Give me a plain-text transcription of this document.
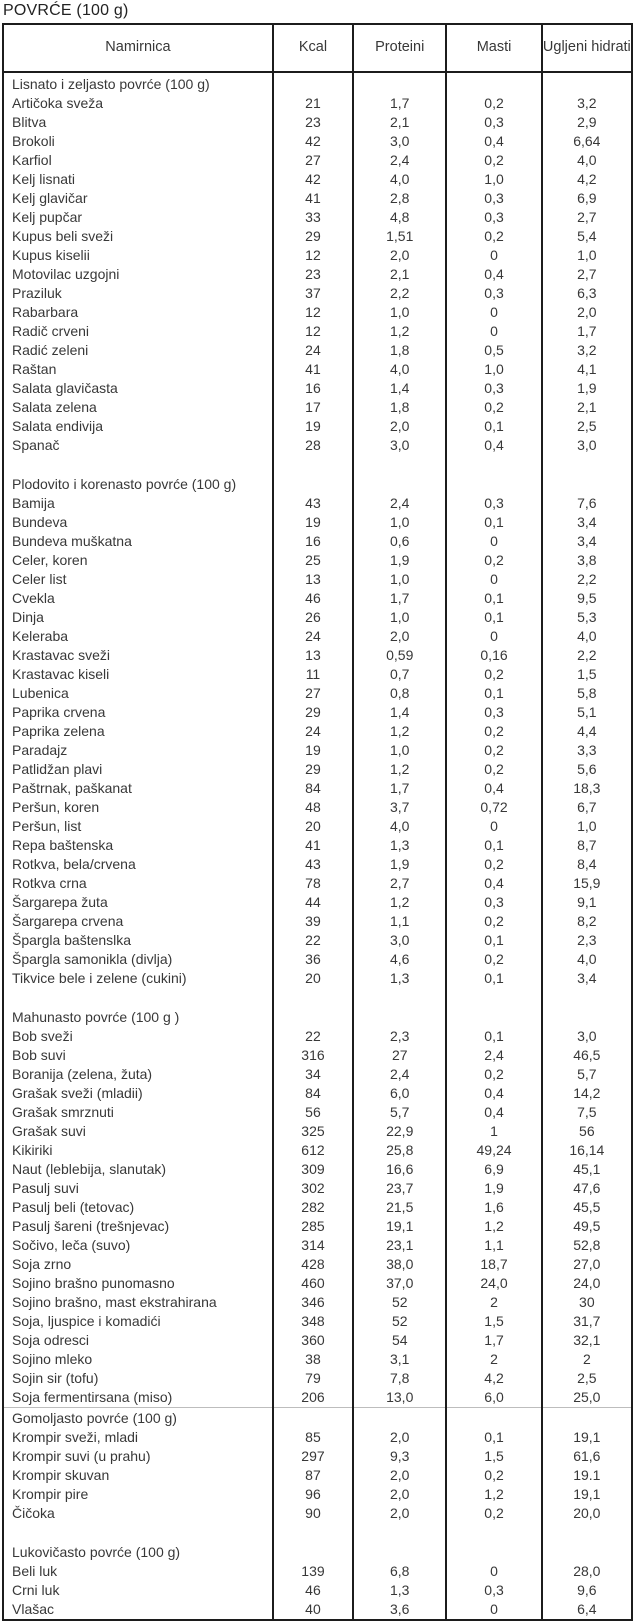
POVRĆE (100 g)
Namirnica	Kcal	Proteini	Masti	Ugljeni hidrati
Lisnato i zeljasto povrće (100 g)				
Artičoka sveža	21	1,7	0,2	3,2
Blitva	23	2,1	0,3	2,9
Brokoli	42	3,0	0,4	6,64
Karfiol	27	2,4	0,2	4,0
Kelj lisnati	42	4,0	1,0	4,2
Kelj glavičar	41	2,8	0,3	6,9
Kelj pupčar	33	4,8	0,3	2,7
Kupus beli sveži	29	1,51	0,2	5,4
Kupus kiselii	12	2,0	0	1,0
Motovilac uzgojni	23	2,1	0,4	2,7
Praziluk	37	2,2	0,3	6,3
Rabarbara	12	1,0	0	2,0
Radič crveni	12	1,2	0	1,7
Radić zeleni	24	1,8	0,5	3,2
Raštan	41	4,0	1,0	4,1
Salata glavičasta	16	1,4	0,3	1,9
Salata zelena	17	1,8	0,2	2,1
Salata endivija	19	2,0	0,1	2,5
Spanač	28	3,0	0,4	3,0

Plodovito i korenasto povrće (100 g)				
Bamija	43	2,4	0,3	7,6
Bundeva	19	1,0	0,1	3,4
Bundeva muškatna	16	0,6	0	3,4
Celer, koren	25	1,9	0,2	3,8
Celer list	13	1,0	0	2,2
Cvekla	46	1,7	0,1	9,5
Dinja	26	1,0	0,1	5,3
Keleraba	24	2,0	0	4,0
Krastavac sveži	13	0,59	0,16	2,2
Krastavac kiseli	11	0,7	0,2	1,5
Lubenica	27	0,8	0,1	5,8
Paprika crvena	29	1,4	0,3	5,1
Paprika zelena	24	1,2	0,2	4,4
Paradajz	19	1,0	0,2	3,3
Patlidžan plavi	29	1,2	0,2	5,6
Paštrnak, paškanat	84	1,7	0,4	18,3
Peršun, koren	48	3,7	0,72	6,7
Peršun, list	20	4,0	0	1,0
Repa baštenska	41	1,3	0,1	8,7
Rotkva, bela/crvena	43	1,9	0,2	8,4
Rotkva crna	78	2,7	0,4	15,9
Šargarepa žuta	44	1,2	0,3	9,1
Šargarepa crvena	39	1,1	0,2	8,2
Špargla baštenslka	22	3,0	0,1	2,3
Špargla samonikla (divlja)	36	4,6	0,2	4,0
Tikvice bele i zelene (cukini)	20	1,3	0,1	3,4

Mahunasto povrće (100 g )				
Bob sveži	22	2,3	0,1	3,0
Bob suvi	316	27	2,4	46,5
Boranija (zelena, žuta)	34	2,4	0,2	5,7
Grašak sveži (mladii)	84	6,0	0,4	14,2
Grašak smrznuti	56	5,7	0,4	7,5
Grašak suvi	325	22,9	1	56
Kikiriki	612	25,8	49,24	16,14
Naut (leblebija, slanutak)	309	16,6	6,9	45,1
Pasulj suvi	302	23,7	1,9	47,6
Pasulj beli (tetovac)	282	21,5	1,6	45,5
Pasulj šareni (trešnjevac)	285	19,1	1,2	49,5
Sočivo, leča (suvo)	314	23,1	1,1	52,8
Soja zrno	428	38,0	18,7	27,0
Sojino brašno punomasno	460	37,0	24,0	24,0
Sojino brašno, mast ekstrahirana	346	52	2	30
Soja, ljuspice i komadići	348	52	1,5	31,7
Soja odresci	360	54	1,7	32,1
Sojino mleko	38	3,1	2	2
Sojin sir (tofu)	79	7,8	4,2	2,5
Soja fermentirsana (miso)	206	13,0	6,0	25,0
Gomoljasto povrće (100 g)				
Krompir sveži, mladi	85	2,0	0,1	19,1
Krompir suvi (u prahu)	297	9,3	1,5	61,6
Krompir skuvan	87	2,0	0,2	19.1
Krompir pire	96	2,0	1,2	19,1
Čičoka	90	2,0	0,2	20,0

Lukovičasto povrće (100 g)				
Beli luk	139	6,8	0	28,0
Crni luk	46	1,3	0,3	9,6
Vlašac	40	3,6	0	6,4
